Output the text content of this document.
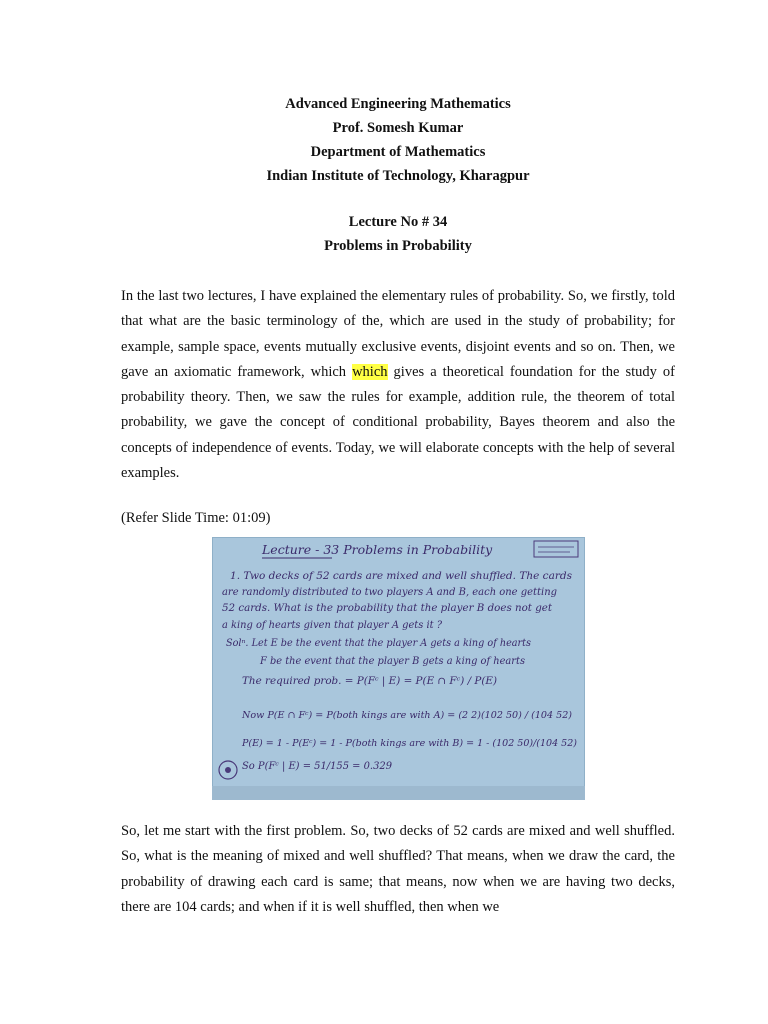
Advanced Engineering Mathematics

Prof. Somesh Kumar

Department of Mathematics

Indian Institute of Technology, Kharagpur

Lecture No # 34

Problems in Probability

In the last two lectures, I have explained the elementary rules of probability. So, we firstly, told that what are the basic terminology of the, which are used in the study of probability; for example, sample space, events mutually exclusive events, disjoint events and so on. Then, we gave an axiomatic framework, which which gives a theoretical foundation for the study of probability theory. Then, we saw the rules for example, addition rule, the theorem of total probability, we gave the concept of conditional probability, Bayes theorem and also the concepts of independence of events. Today, we will elaborate concepts with the help of several examples.

(Refer Slide Time: 01:09)

Lecture - 33 Problems in Probability
1. Two decks of 52 cards are mixed and well shuffled. The cards
are randomly distributed to two players A and B, each one getting
52 cards. What is the probability that the player B does not get
a king of hearts given that player A gets it ?
Solⁿ. Let E be the event that the player A gets a king of hearts
F be the event that the player B gets a king of hearts
The required prob. = P(Fᶜ | E) = P(E ∩ Fᶜ) / P(E)
Now P(E ∩ Fᶜ) = P(both kings are with A) = (2 2)(102 50) / (104 52)
P(E) = 1 - P(Eᶜ) = 1 - P(both kings are with B) = 1 - (102 50)/(104 52)
So P(Fᶜ | E) = 51/155 = 0.329

So, let me start with the first problem. So, two decks of 52 cards are mixed and well shuffled. So, what is the meaning of mixed and well shuffled? That means, when we draw the card, the probability of drawing each card is same; that means, now when we are having two decks, there are 104 cards; and when if it is well shuffled, then when we
